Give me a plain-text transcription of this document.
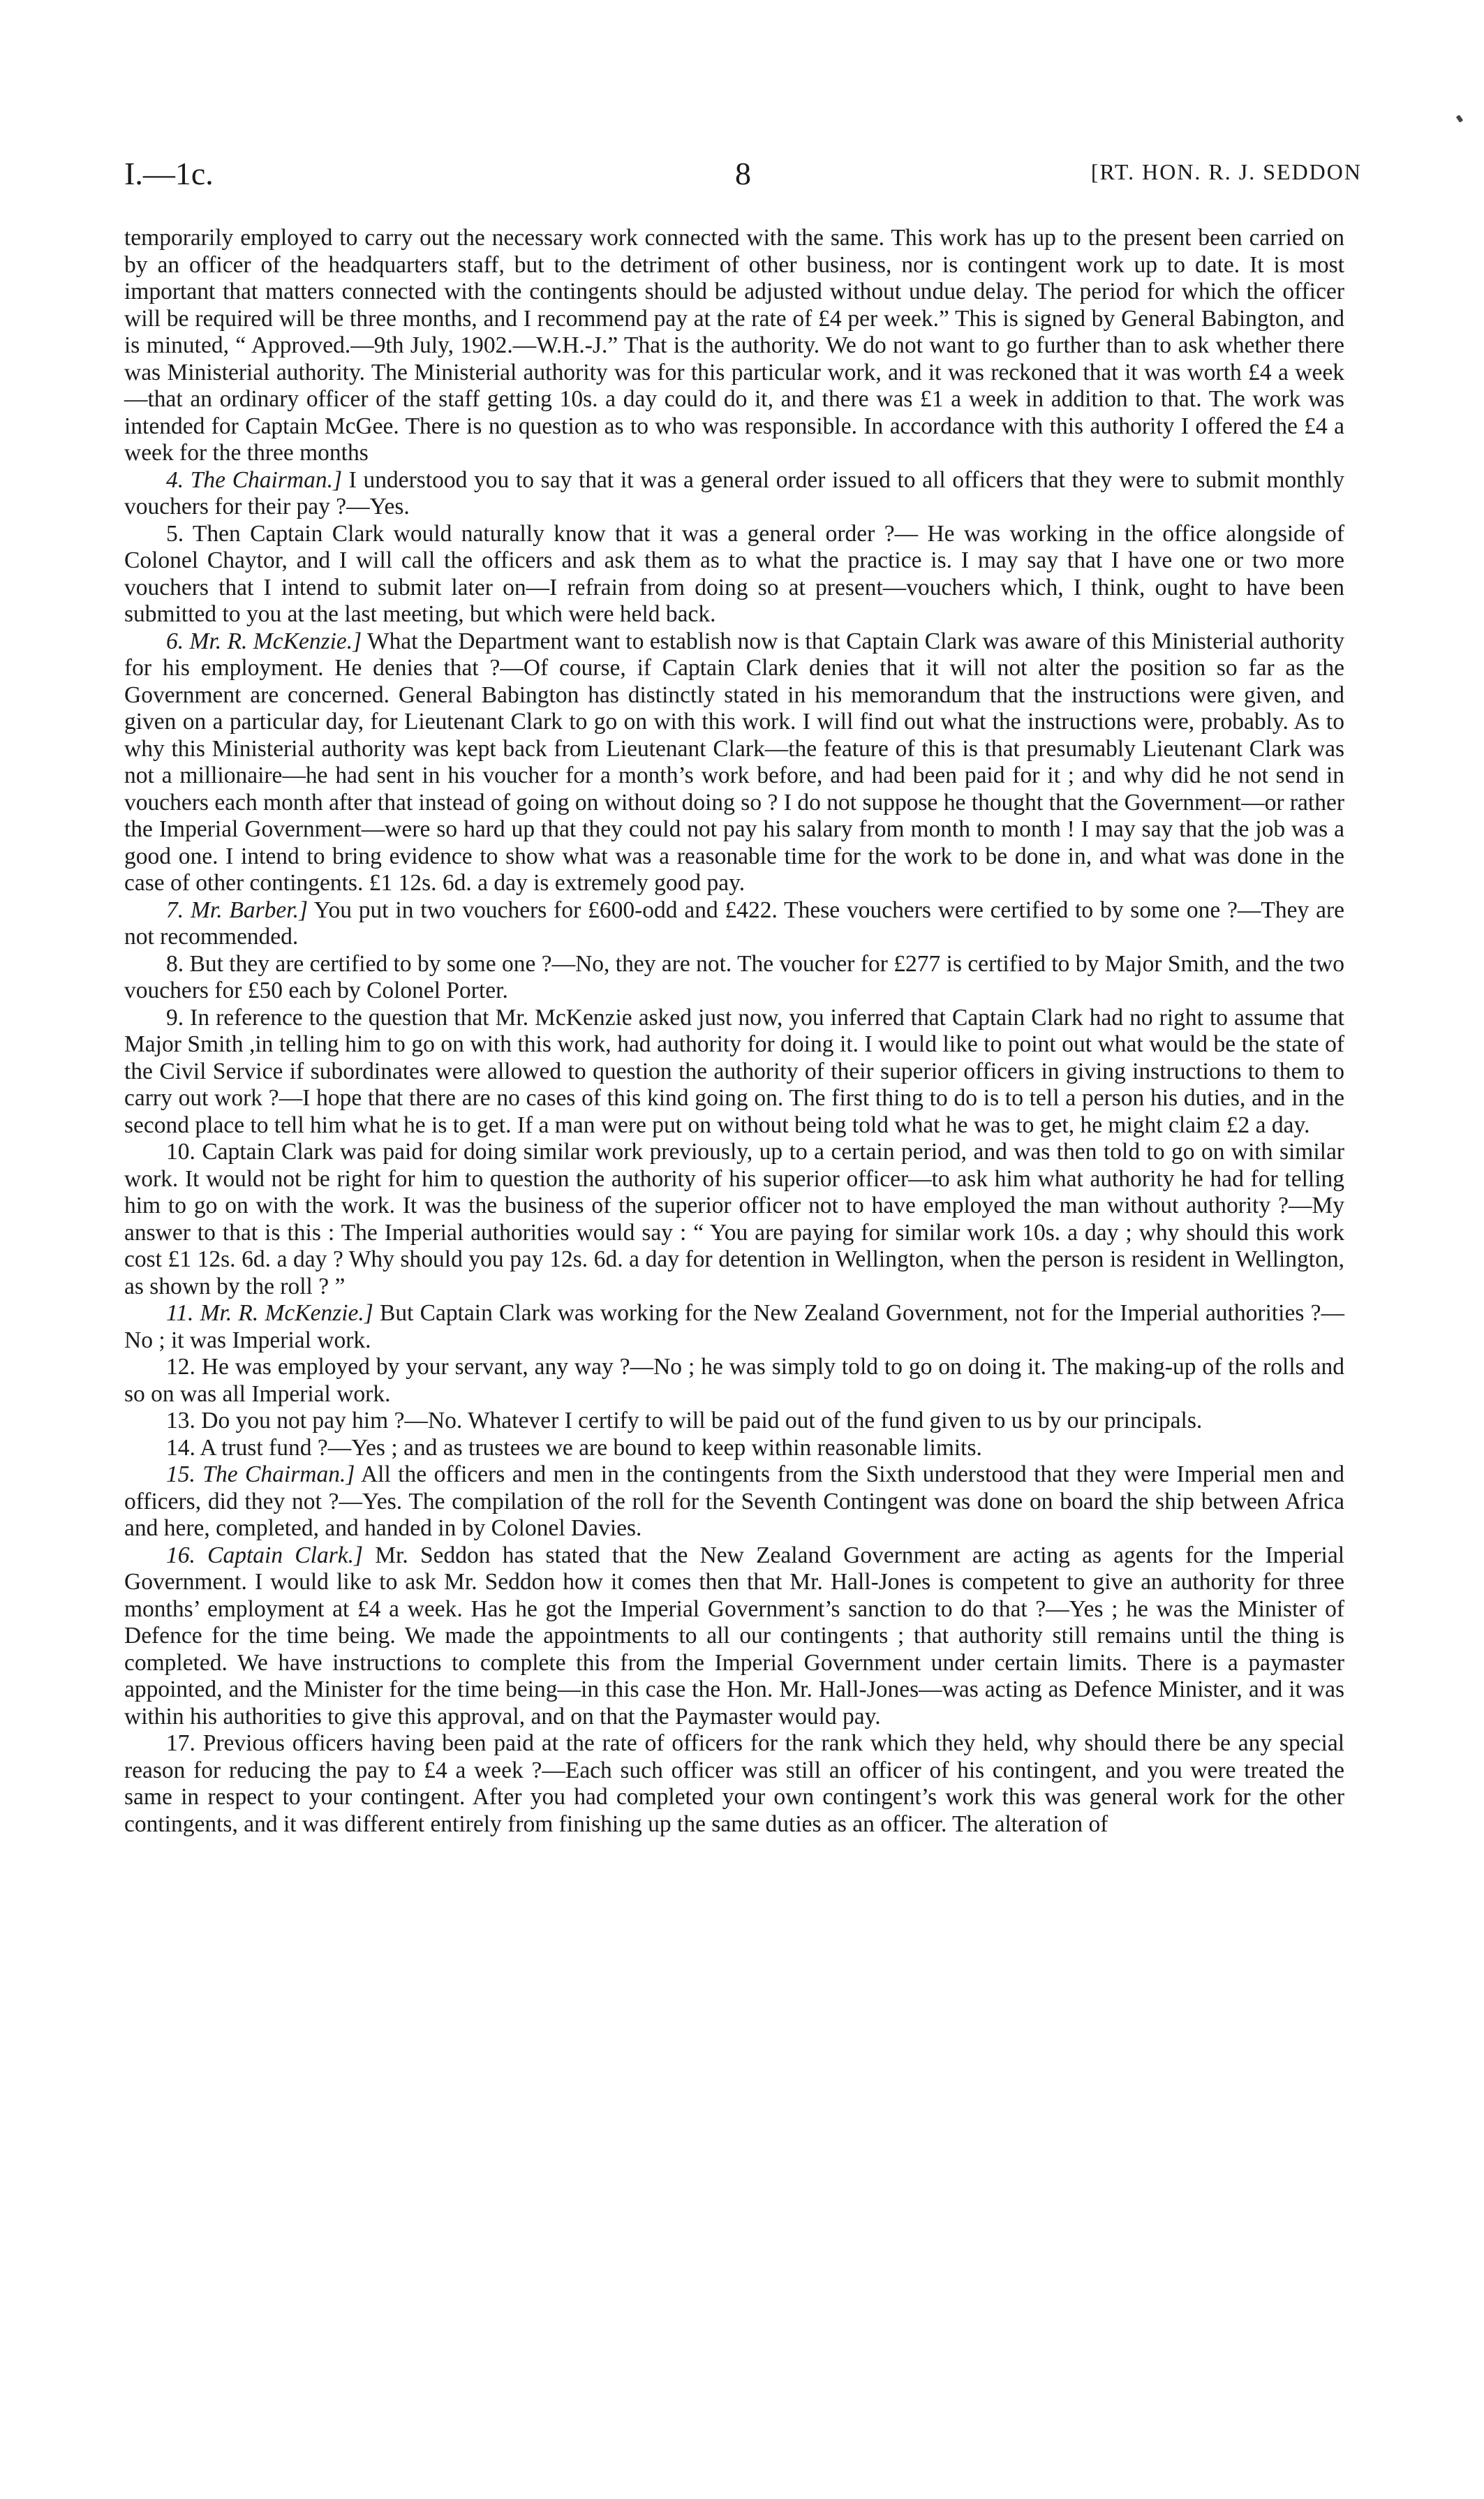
I.—1c.	8	[RT. HON. R. J. SEDDON

temporarily employed to carry out the necessary work connected with the same. This work has up to the present been carried on by an officer of the headquarters staff, but to the detriment of other business, nor is contingent work up to date. It is most important that matters connected with the contingents should be adjusted without undue delay. The period for which the officer will be required will be three months, and I recommend pay at the rate of £4 per week.” This is signed by General Babington, and is minuted, “ Approved.—9th July, 1902.—W.H.-J.” That is the authority. We do not want to go further than to ask whether there was Ministerial authority. The Ministerial authority was for this particular work, and it was reckoned that it was worth £4 a week—that an ordinary officer of the staff getting 10s. a day could do it, and there was £1 a week in addition to that. The work was intended for Captain McGee. There is no question as to who was responsible. In accordance with this authority I offered the £4 a week for the three months

4. The Chairman.] I understood you to say that it was a general order issued to all officers that they were to submit monthly vouchers for their pay ?—Yes.

5. Then Captain Clark would naturally know that it was a general order ?— He was working in the office alongside of Colonel Chaytor, and I will call the officers and ask them as to what the practice is. I may say that I have one or two more vouchers that I intend to submit later on—I refrain from doing so at present—vouchers which, I think, ought to have been submitted to you at the last meeting, but which were held back.

6. Mr. R. McKenzie.] What the Department want to establish now is that Captain Clark was aware of this Ministerial authority for his employment. He denies that ?—Of course, if Captain Clark denies that it will not alter the position so far as the Government are concerned. General Babington has distinctly stated in his memorandum that the instructions were given, and given on a particular day, for Lieutenant Clark to go on with this work. I will find out what the instructions were, probably. As to why this Ministerial authority was kept back from Lieutenant Clark—the feature of this is that presumably Lieutenant Clark was not a millionaire—he had sent in his voucher for a month’s work before, and had been paid for it ; and why did he not send in vouchers each month after that instead of going on without doing so ? I do not suppose he thought that the Government—or rather the Imperial Government—were so hard up that they could not pay his salary from month to month ! I may say that the job was a good one. I intend to bring evidence to show what was a reasonable time for the work to be done in, and what was done in the case of other contingents. £1 12s. 6d. a day is extremely good pay.

7. Mr. Barber.] You put in two vouchers for £600-odd and £422. These vouchers were certified to by some one ?—They are not recommended.

8. But they are certified to by some one ?—No, they are not. The voucher for £277 is certified to by Major Smith, and the two vouchers for £50 each by Colonel Porter.

9. In reference to the question that Mr. McKenzie asked just now, you inferred that Captain Clark had no right to assume that Major Smith ,in telling him to go on with this work, had authority for doing it. I would like to point out what would be the state of the Civil Service if subordinates were allowed to question the authority of their superior officers in giving instructions to them to carry out work ?—I hope that there are no cases of this kind going on. The first thing to do is to tell a person his duties, and in the second place to tell him what he is to get. If a man were put on without being told what he was to get, he might claim £2 a day.

10. Captain Clark was paid for doing similar work previously, up to a certain period, and was then told to go on with similar work. It would not be right for him to question the authority of his superior officer—to ask him what authority he had for telling him to go on with the work. It was the business of the superior officer not to have employed the man without authority ?—My answer to that is this : The Imperial authorities would say : “ You are paying for similar work 10s. a day ; why should this work cost £1 12s. 6d. a day ? Why should you pay 12s. 6d. a day for detention in Wellington, when the person is resident in Wellington, as shown by the roll ? ”

11. Mr. R. McKenzie.] But Captain Clark was working for the New Zealand Government, not for the Imperial authorities ?—No ; it was Imperial work.

12. He was employed by your servant, any way ?—No ; he was simply told to go on doing it. The making-up of the rolls and so on was all Imperial work.

13. Do you not pay him ?—No. Whatever I certify to will be paid out of the fund given to us by our principals.

14. A trust fund ?—Yes ; and as trustees we are bound to keep within reasonable limits.

15. The Chairman.] All the officers and men in the contingents from the Sixth understood that they were Imperial men and officers, did they not ?—Yes. The compilation of the roll for the Seventh Contingent was done on board the ship between Africa and here, completed, and handed in by Colonel Davies.

16. Captain Clark.] Mr. Seddon has stated that the New Zealand Government are acting as agents for the Imperial Government. I would like to ask Mr. Seddon how it comes then that Mr. Hall-Jones is competent to give an authority for three months’ employment at £4 a week. Has he got the Imperial Government’s sanction to do that ?—Yes ; he was the Minister of Defence for the time being. We made the appointments to all our contingents ; that authority still remains until the thing is completed. We have instructions to complete this from the Imperial Government under certain limits. There is a paymaster appointed, and the Minister for the time being—in this case the Hon. Mr. Hall-Jones—was acting as Defence Minister, and it was within his authorities to give this approval, and on that the Paymaster would pay.

17. Previous officers having been paid at the rate of officers for the rank which they held, why should there be any special reason for reducing the pay to £4 a week ?—Each such officer was still an officer of his contingent, and you were treated the same in respect to your contingent. After you had completed your own contingent’s work this was general work for the other contingents, and it was different entirely from finishing up the same duties as an officer. The alteration of
